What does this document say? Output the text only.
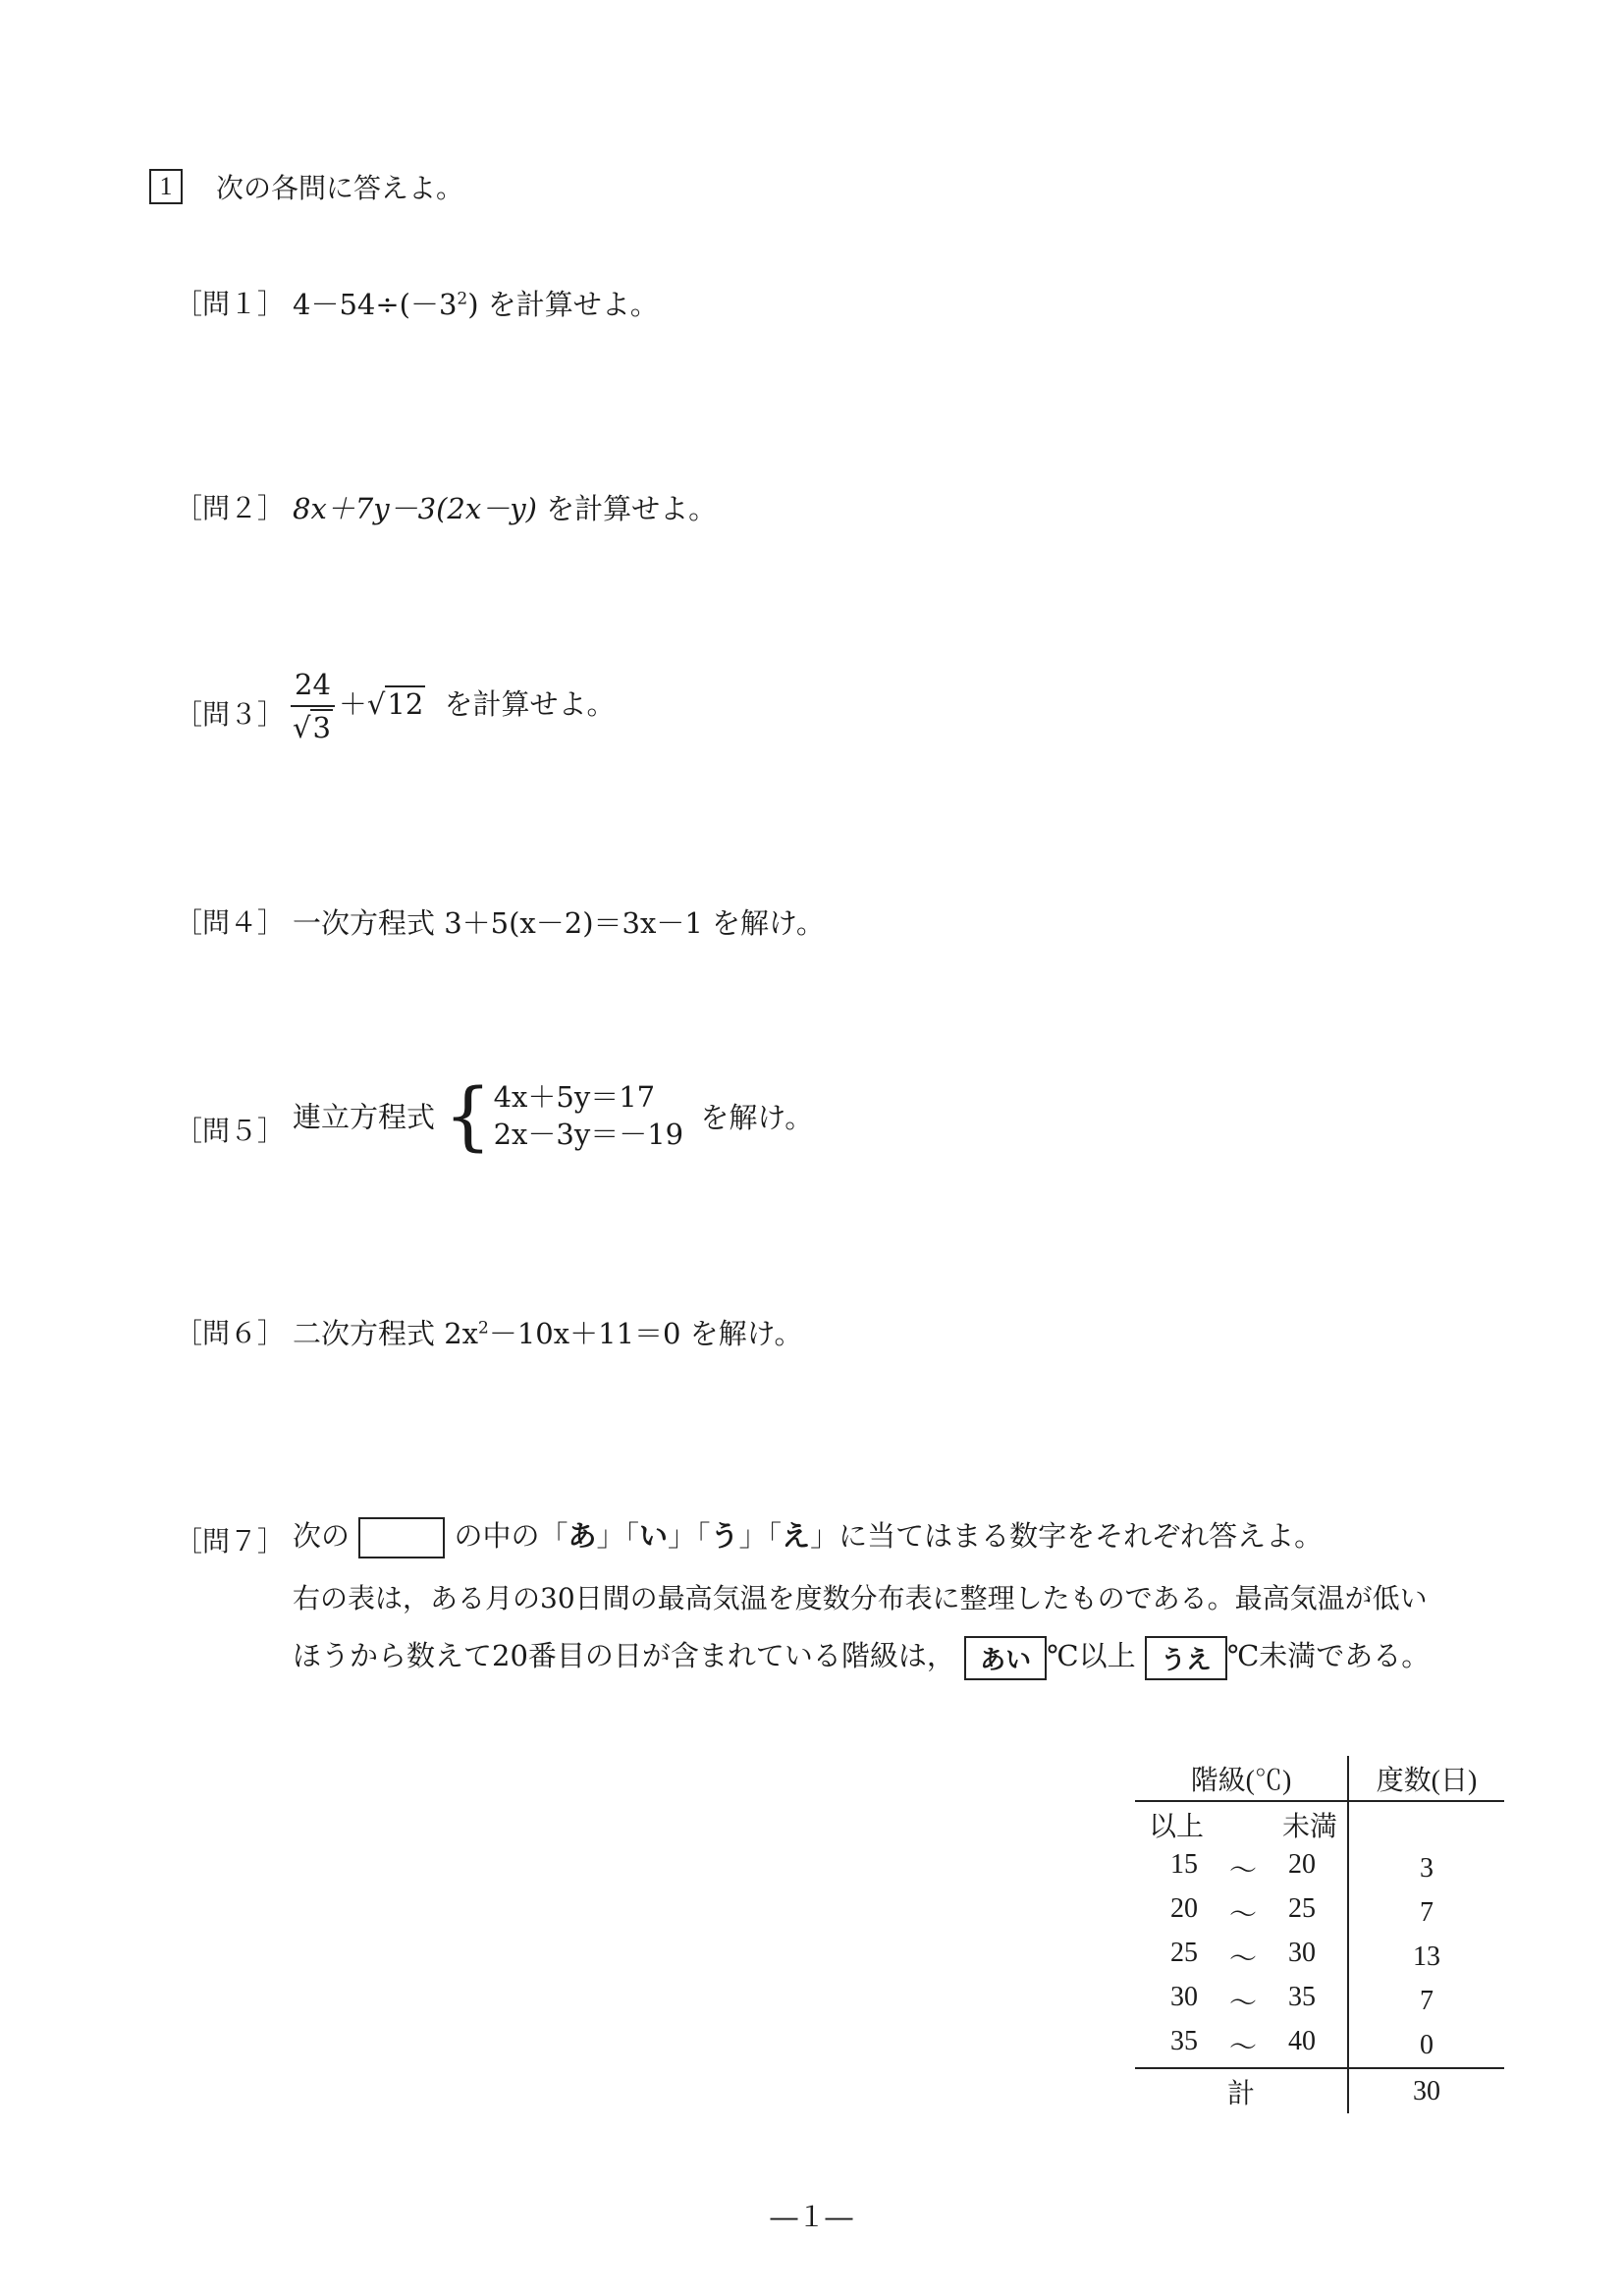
1	次の各問に答えよ。
［問１］ $4-54\div(-3^2)$ を計算せよ。
［問２］ 8x＋7y－3(2x－y) を計算せよ。
［問３］ $\frac{24}{√3} +√12$ を計算せよ。
［問４］ 一次方程式 3＋5(x－2)＝3x－1 を解け。
［問５］ 連立方程式 { 4x＋5y＝17
2x－3y＝－19
を解け。
［問６］ 二次方程式 $2x^2-10x+11=0$ を解け。
［問７］ 次の	の中の「あ」「い」「う」「え」に当てはまる数字をそれぞれ答えよ。
右の表は，ある月の30日間の最高気温を度数分布表に整理したものである。最高気温が低い
ほうから数えて20番目の日が含まれている階級は， あい ℃以上 うえ ℃未満である。
階級(℃)	度数(日)

以上 未満	

15 ～ 20	3

20 ～ 25	7

25 ～ 30	13

30 ～ 35	7

35 ～ 40	0
計	30
―１―
